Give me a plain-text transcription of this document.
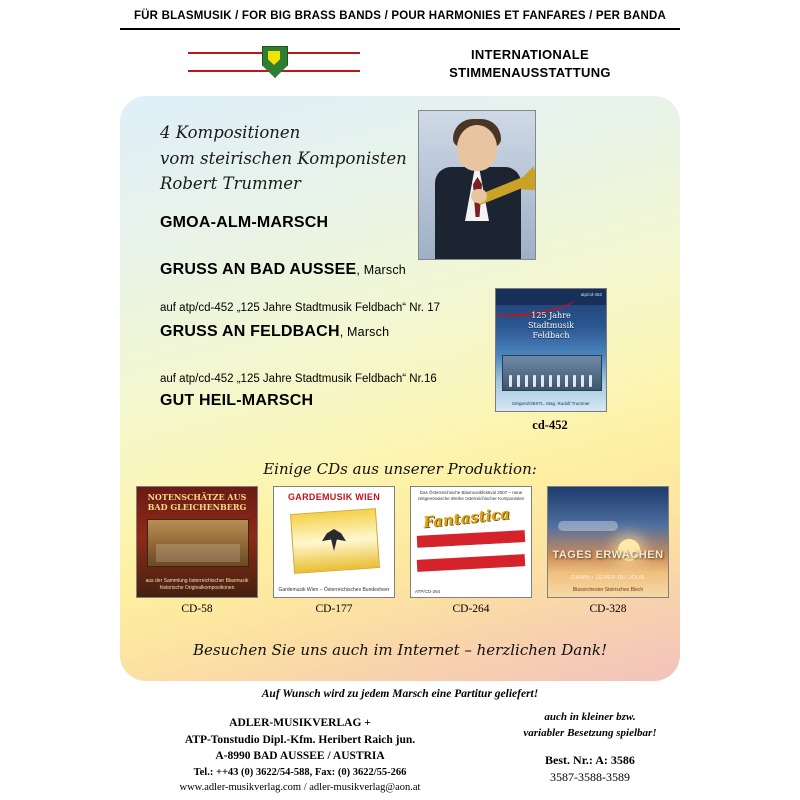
FÜR BLASMUSIK / FOR BIG BRASS BANDS / POUR HARMONIES ET FANFARES / PER BANDA
INTERNATIONALE
STIMMENAUSSTATTUNG
4 Kompositionen
vom steirischen Komponisten
Robert Trummer
GMOA-ALM-MARSCH
GRUSS AN BAD AUSSEE, Marsch
auf atp/cd-452 „125 Jahre Stadtmusik Feldbach“ Nr. 17
GRUSS AN FELDBACH, Marsch
auf atp/cd-452 „125 Jahre Stadtmusik Feldbach“ Nr.16
GUT HEIL-MARSCH
atp/cd-452
125 Jahre
Stadtmusik
Feldbach
Dirigent/OBSTL. Mag. Rudolf Trummer
cd-452
Einige CDs aus unserer Produktion:
NOTENSCHÄTZE AUS BAD GLEICHENBERG
aus der Sammlung österreichischer Blasmusik historische Originalkompositionen
CD-58
GARDEMUSIK WIEN
Gardemusik Wien – Österreichisches Bundesheer
CD-177
Das Österreichische Blasmusikfestival 2007 – neue zeitgenössische Werke österreichischer Komponisten
Fantastica
ATP/CD-264
CD-264
TAGES ERWACHEN
DAWN • LEVER DU JOUR
Blasorchester Steirisches Blech
CD-328
Besuchen Sie uns auch im Internet – herzlichen Dank!
Auf Wunsch wird zu jedem Marsch eine Partitur geliefert!
ADLER-MUSIKVERLAG +
ATP-Tonstudio Dipl.-Kfm. Heribert Raich jun.
A-8990 BAD AUSSEE / AUSTRIA
Tel.: ++43 (0) 3622/54-588, Fax: (0) 3622/55-266
www.adler-musikverlag.com / adler-musikverlag@aon.at
auch in kleiner bzw.
variabler Besetzung spielbar!
Best. Nr.: A: 3586
3587-3588-3589
